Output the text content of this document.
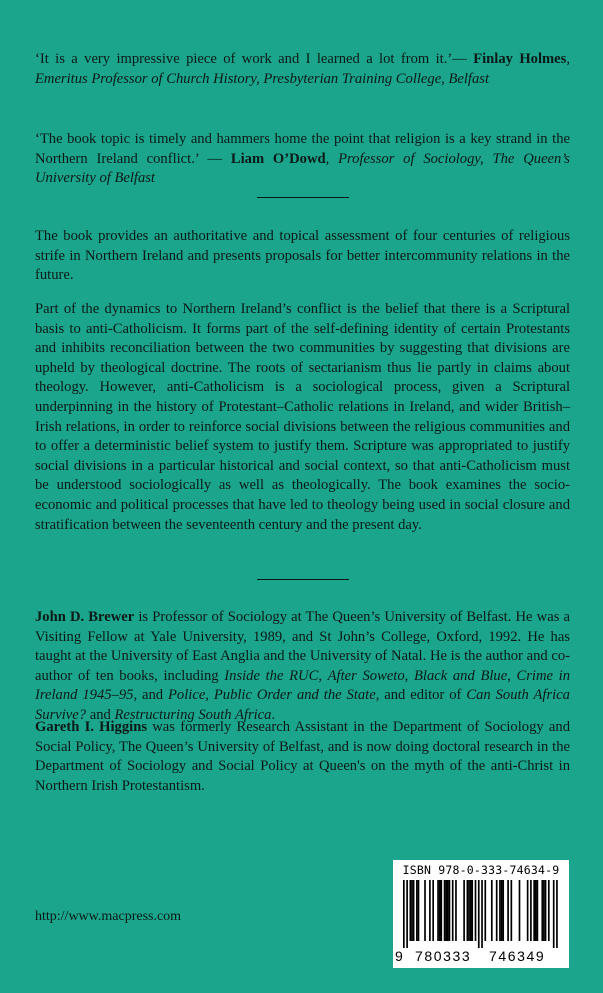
‘It is a very impressive piece of work and I learned a lot from it.’— Finlay Holmes, Emeritus Professor of Church History, Presbyterian Training College, Belfast
‘The book topic is timely and hammers home the point that religion is a key strand in the Northern Ireland conflict.’ — Liam O’Dowd, Professor of Sociology, The Queen’s University of Belfast
The book provides an authoritative and topical assessment of four centuries of religious strife in Northern Ireland and presents proposals for better intercommunity relations in the future.
Part of the dynamics to Northern Ireland’s conflict is the belief that there is a Scriptural basis to anti-Catholicism. It forms part of the self-defining identity of certain Protestants and inhibits reconciliation between the two communities by suggesting that divisions are upheld by theological doctrine. The roots of sectarianism thus lie partly in claims about theology. However, anti-Catholicism is a sociological process, given a Scriptural underpinning in the history of Protestant–Catholic relations in Ireland, and wider British–Irish relations, in order to reinforce social divisions between the religious communities and to offer a deterministic belief system to justify them. Scripture was appropriated to justify social divisions in a particular historical and social context, so that anti-Catholicism must be understood sociologically as well as theologically. The book examines the socio-economic and political processes that have led to theology being used in social closure and stratification between the seventeenth century and the present day.
John D. Brewer is Professor of Sociology at The Queen’s University of Belfast. He was a Visiting Fellow at Yale University, 1989, and St John’s College, Oxford, 1992. He has taught at the University of East Anglia and the University of Natal. He is the author and co-author of ten books, including Inside the RUC, After Soweto, Black and Blue, Crime in Ireland 1945–95, and Police, Public Order and the State, and editor of Can South Africa Survive? and Restructuring South Africa.
Gareth I. Higgins was formerly Research Assistant in the Department of Sociology and Social Policy, The Queen’s University of Belfast, and is now doing doctoral research in the Department of Sociology and Social Policy at Queen's on the myth of the anti-Christ in Northern Irish Protestantism.
http://www.macpress.com
ISBN 978-0-333-74634-9
9 780333 746349
